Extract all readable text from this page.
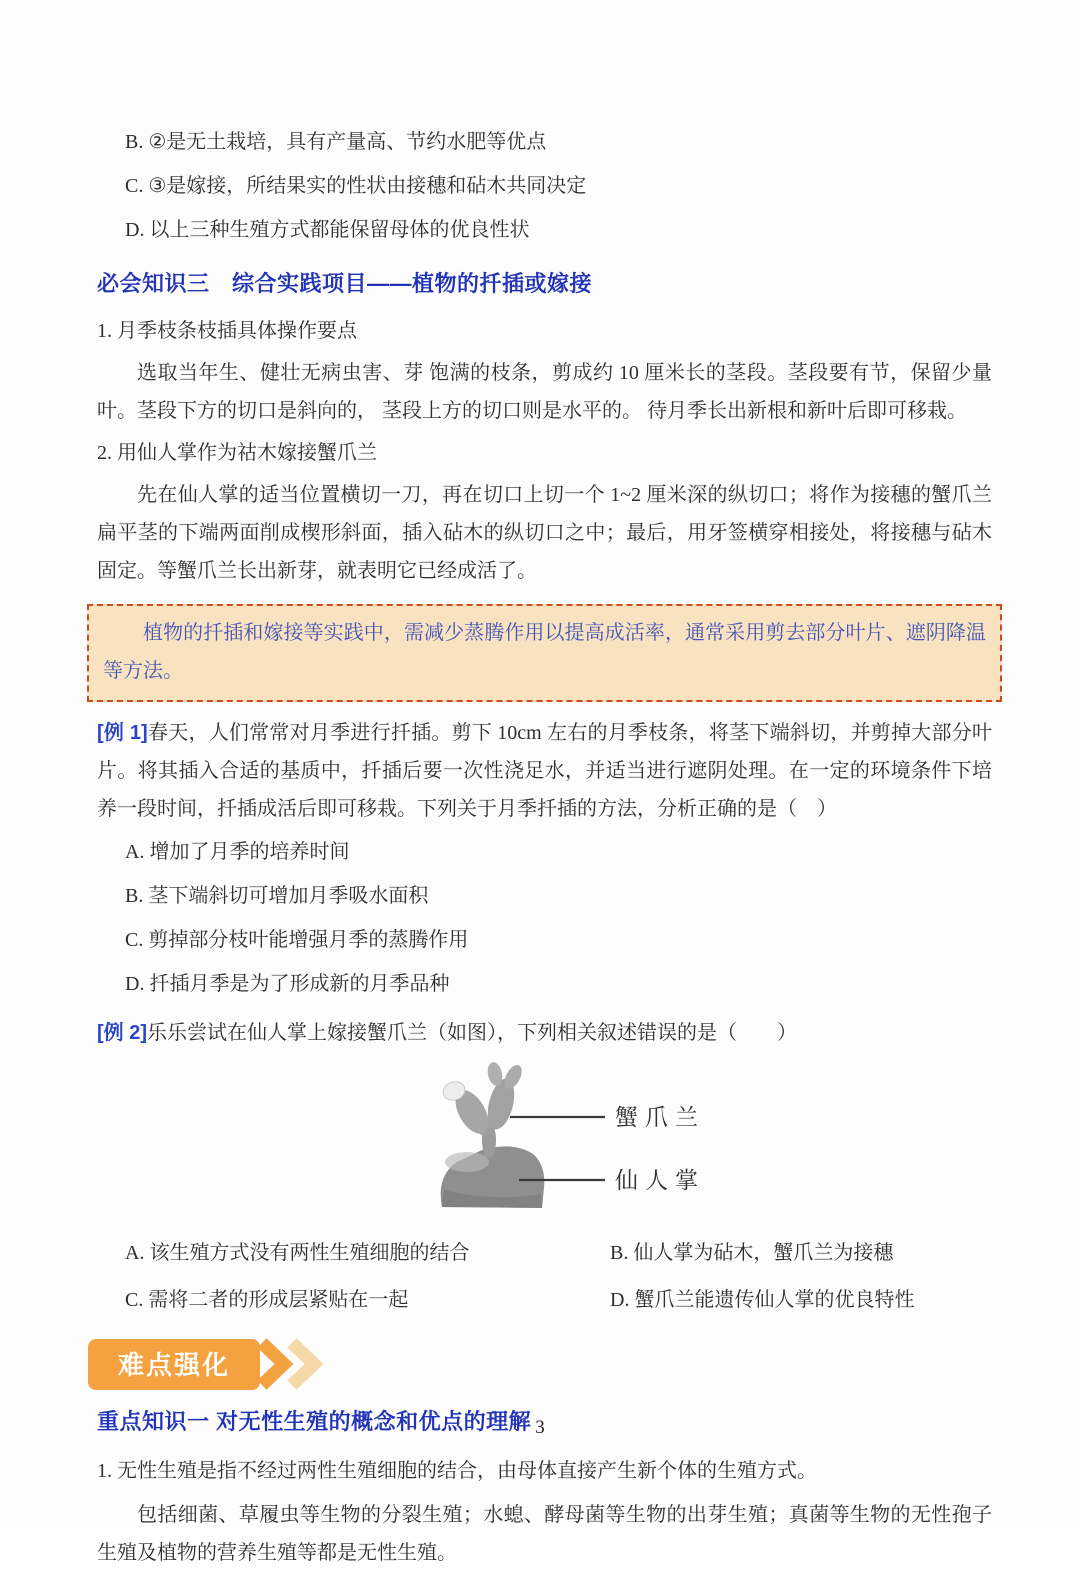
B. ②是无土栽培，具有产量高、节约水肥等优点
C. ③是嫁接，所结果实的性状由接穗和砧木共同决定
D. 以上三种生殖方式都能保留母体的优良性状
必会知识三　综合实践项目——植物的扦插或嫁接
1. 月季枝条枝插具体操作要点
选取当年生、健壮无病虫害、芽 饱满的枝条，剪成约 10 厘米长的茎段。茎段要有节，保留少量叶。茎段下方的切口是斜向的， 茎段上方的切口则是水平的。 待月季长出新根和新叶后即可移栽。
2. 用仙人掌作为祜木嫁接蟹爪兰
先在仙人掌的适当位置横切一刀，再在切口上切一个 1~2 厘米深的纵切口；将作为接穗的蟹爪兰扁平茎的下端两面削成楔形斜面，插入砧木的纵切口之中；最后，用牙签横穿相接处，将接穗与砧木固定。等蟹爪兰长出新芽，就表明它已经成活了。
植物的扦插和嫁接等实践中，需减少蒸腾作用以提高成活率，通常采用剪去部分叶片、遮阴降温等方法。
[例 1]春天，人们常常对月季进行扦插。剪下 10cm 左右的月季枝条，将茎下端斜切，并剪掉大部分叶片。将其插入合适的基质中，扦插后要一次性浇足水，并适当进行遮阴处理。在一定的环境条件下培养一段时间，扦插成活后即可移栽。下列关于月季扦插的方法，分析正确的是（　）
A. 增加了月季的培养时间
B. 茎下端斜切可增加月季吸水面积
C. 剪掉部分枝叶能增强月季的蒸腾作用
D. 扦插月季是为了形成新的月季品种
[例 2]乐乐尝试在仙人掌上嫁接蟹爪兰（如图），下列相关叙述错误的是（　　）
蟹爪兰
仙人掌
A. 该生殖方式没有两性生殖细胞的结合	B. 仙人掌为砧木，蟹爪兰为接穗
C. 需将二者的形成层紧贴在一起	D. 蟹爪兰能遗传仙人掌的优良特性
难点强化
重点知识一 对无性生殖的概念和优点的理解
1. 无性生殖是指不经过两性生殖细胞的结合，由母体直接产生新个体的生殖方式。
包括细菌、草履虫等生物的分裂生殖；水螅、酵母菌等生物的出芽生殖；真菌等生物的无性孢子生殖及植物的营养生殖等都是无性生殖。
3
